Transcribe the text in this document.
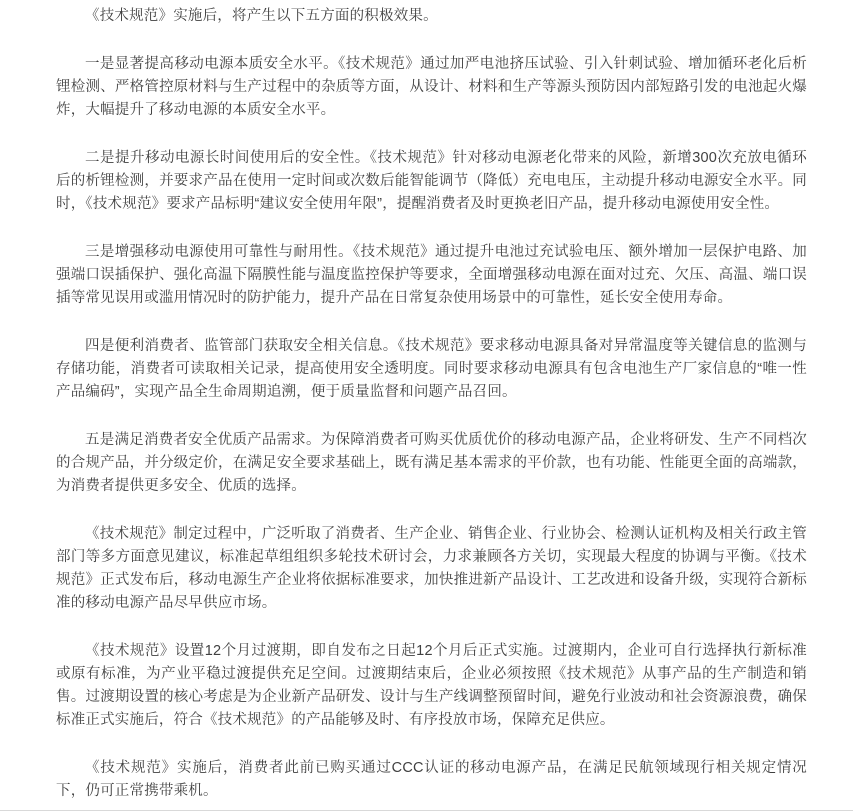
《技术规范》实施后，将产生以下五方面的积极效果。

一是显著提高移动电源本质安全水平。《技术规范》通过加严电池挤压试验、引入针刺试验、增加循环老化后析锂检测、严格管控原材料与生产过程中的杂质等方面，从设计、材料和生产等源头预防因内部短路引发的电池起火爆炸，大幅提升了移动电源的本质安全水平。

二是提升移动电源长时间使用后的安全性。《技术规范》针对移动电源老化带来的风险，新增300次充放电循环后的析锂检测，并要求产品在使用一定时间或次数后能智能调节（降低）充电电压，主动提升移动电源安全水平。同时，《技术规范》要求产品标明“建议安全使用年限”，提醒消费者及时更换老旧产品，提升移动电源使用安全性。

三是增强移动电源使用可靠性与耐用性。《技术规范》通过提升电池过充试验电压、额外增加一层保护电路、加强端口误插保护、强化高温下隔膜性能与温度监控保护等要求，全面增强移动电源在面对过充、欠压、高温、端口误插等常见误用或滥用情况时的防护能力，提升产品在日常复杂使用场景中的可靠性，延长安全使用寿命。

四是便利消费者、监管部门获取安全相关信息。《技术规范》要求移动电源具备对异常温度等关键信息的监测与存储功能，消费者可读取相关记录，提高使用安全透明度。同时要求移动电源具有包含电池生产厂家信息的“唯一性产品编码”，实现产品全生命周期追溯，便于质量监督和问题产品召回。

五是满足消费者安全优质产品需求。为保障消费者可购买优质优价的移动电源产品，企业将研发、生产不同档次的合规产品，并分级定价，在满足安全要求基础上，既有满足基本需求的平价款，也有功能、性能更全面的高端款，为消费者提供更多安全、优质的选择。

《技术规范》制定过程中，广泛听取了消费者、生产企业、销售企业、行业协会、检测认证机构及相关行政主管部门等多方面意见建议，标准起草组组织多轮技术研讨会，力求兼顾各方关切，实现最大程度的协调与平衡。《技术规范》正式发布后，移动电源生产企业将依据标准要求，加快推进新产品设计、工艺改进和设备升级，实现符合新标准的移动电源产品尽早供应市场。

《技术规范》设置12个月过渡期，即自发布之日起12个月后正式实施。过渡期内，企业可自行选择执行新标准或原有标准，为产业平稳过渡提供充足空间。过渡期结束后，企业必须按照《技术规范》从事产品的生产制造和销售。过渡期设置的核心考虑是为企业新产品研发、设计与生产线调整预留时间，避免行业波动和社会资源浪费，确保标准正式实施后，符合《技术规范》的产品能够及时、有序投放市场，保障充足供应。

《技术规范》实施后，消费者此前已购买通过CCC认证的移动电源产品，在满足民航领域现行相关规定情况下，仍可正常携带乘机。
